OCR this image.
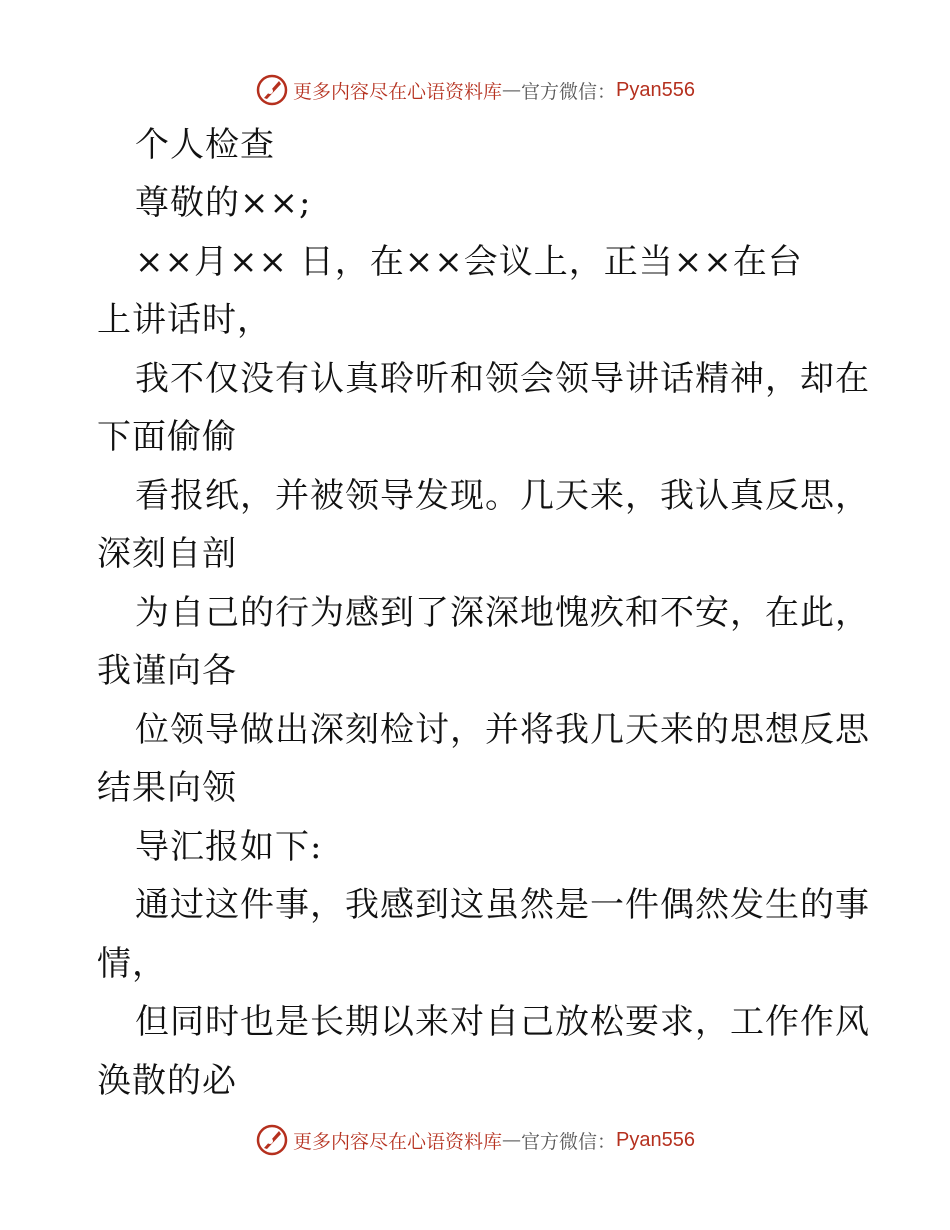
更多内容尽在心语资料库 — 官方微信： Pyan556
个人检查
尊敬的××;
××月×× 日，在××会议上，正当××在台
上讲话时，
我不仅没有认真聆听和领会领导讲话精神，却在
下面偷偷
看报纸，并被领导发现。几天来，我认真反思，
深刻自剖
为自己的行为感到了深深地愧疚和不安，在此，
我谨向各
位领导做出深刻检讨，并将我几天来的思想反思
结果向领
导汇报如下:
通过这件事，我感到这虽然是一件偶然发生的事
情，
但同时也是长期以来对自己放松要求，工作作风
涣散的必
更多内容尽在心语资料库 — 官方微信： Pyan556
